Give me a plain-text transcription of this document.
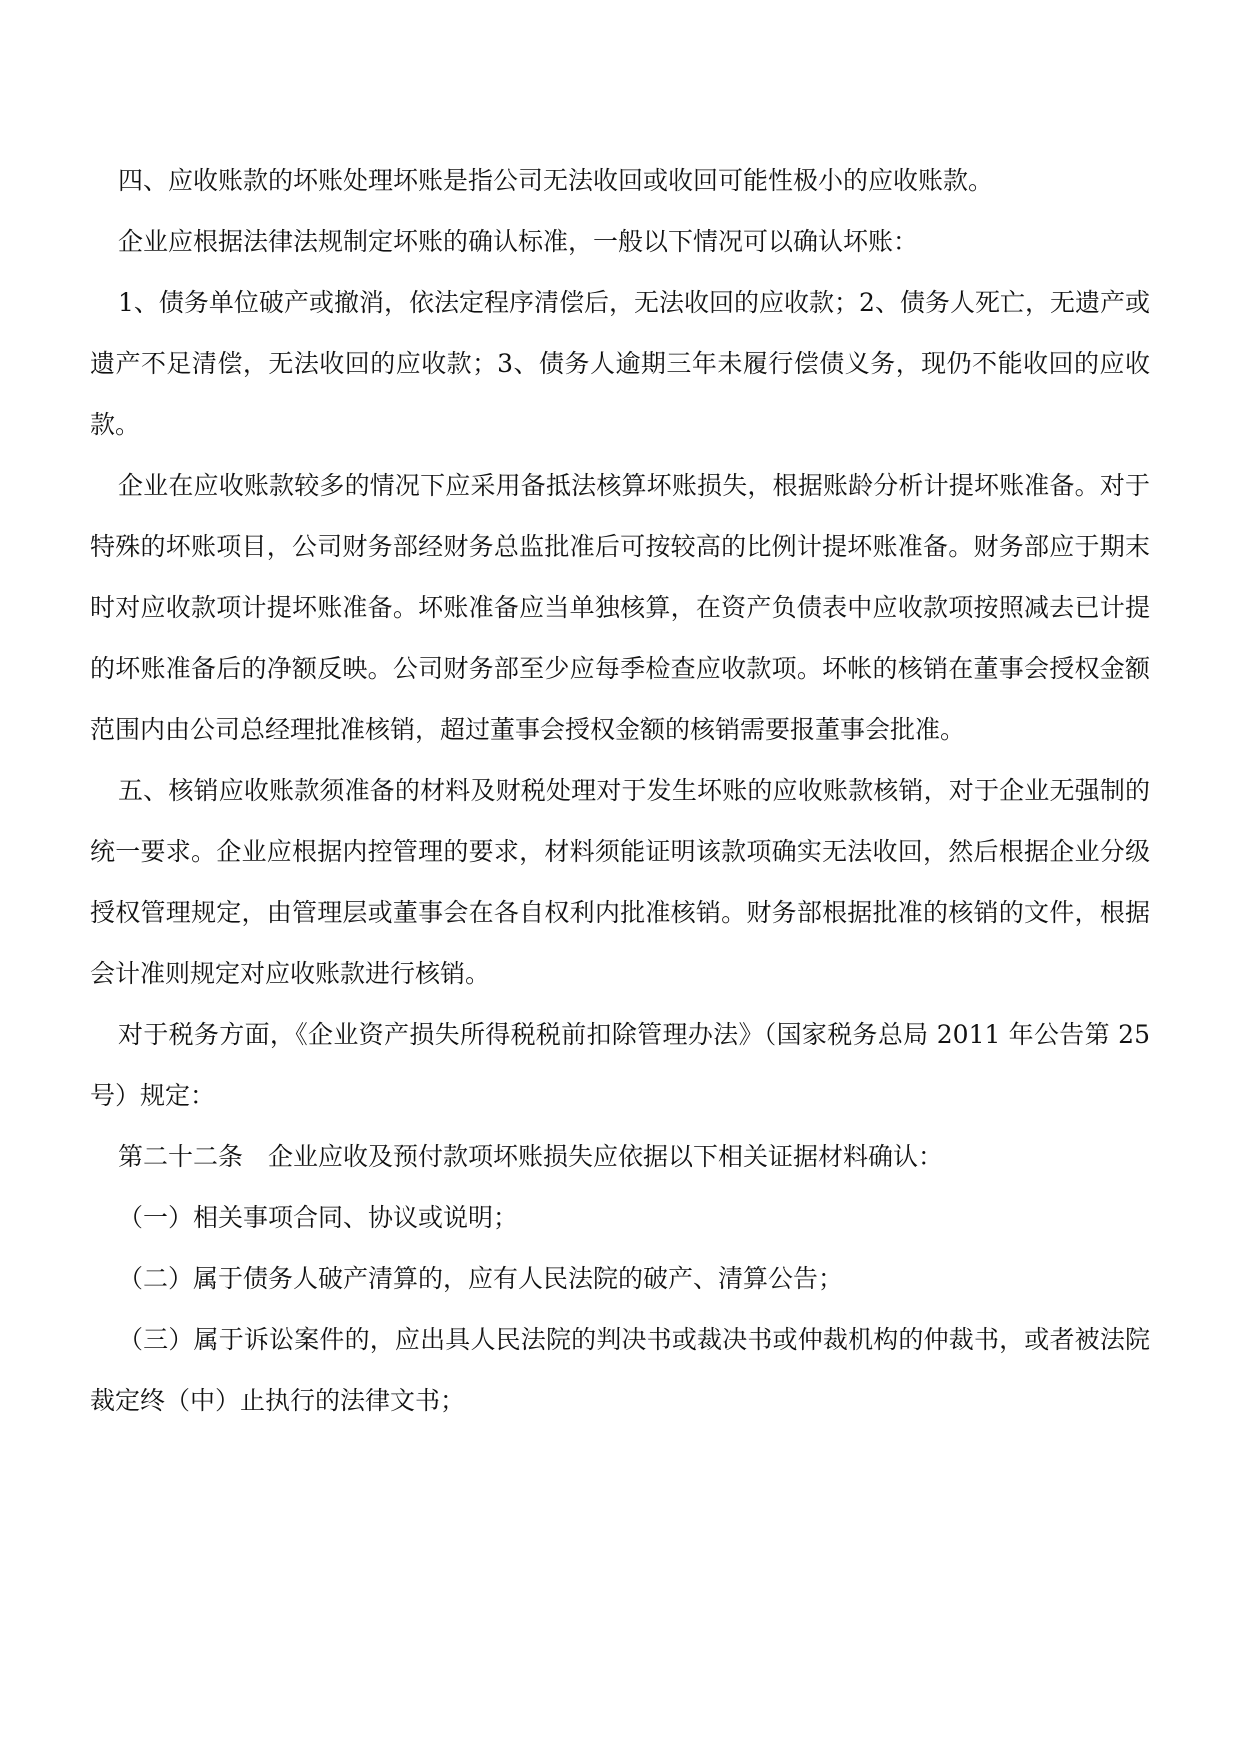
四、应收账款的坏账处理坏账是指公司无法收回或收回可能性极小的应收账款。

企业应根据法律法规制定坏账的确认标准，一般以下情况可以确认坏账：

1、债务单位破产或撤消，依法定程序清偿后，无法收回的应收款；2、债务人死亡，无遗产或遗产不足清偿，无法收回的应收款；3、债务人逾期三年未履行偿债义务，现仍不能收回的应收款。

企业在应收账款较多的情况下应采用备抵法核算坏账损失，根据账龄分析计提坏账准备。对于特殊的坏账项目，公司财务部经财务总监批准后可按较高的比例计提坏账准备。财务部应于期末时对应收款项计提坏账准备。坏账准备应当单独核算，在资产负债表中应收款项按照减去已计提的坏账准备后的净额反映。公司财务部至少应每季检查应收款项。坏帐的核销在董事会授权金额范围内由公司总经理批准核销，超过董事会授权金额的核销需要报董事会批准。

五、核销应收账款须准备的材料及财税处理对于发生坏账的应收账款核销，对于企业无强制的统一要求。企业应根据内控管理的要求，材料须能证明该款项确实无法收回，然后根据企业分级授权管理规定，由管理层或董事会在各自权利内批准核销。财务部根据批准的核销的文件，根据会计准则规定对应收账款进行核销。

对于税务方面，《企业资产损失所得税税前扣除管理办法》（国家税务总局 2011 年公告第 25 号）规定：

第二十二条　企业应收及预付款项坏账损失应依据以下相关证据材料确认：

（一）相关事项合同、协议或说明；

（二）属于债务人破产清算的，应有人民法院的破产、清算公告；

（三）属于诉讼案件的，应出具人民法院的判决书或裁决书或仲裁机构的仲裁书，或者被法院裁定终（中）止执行的法律文书；
